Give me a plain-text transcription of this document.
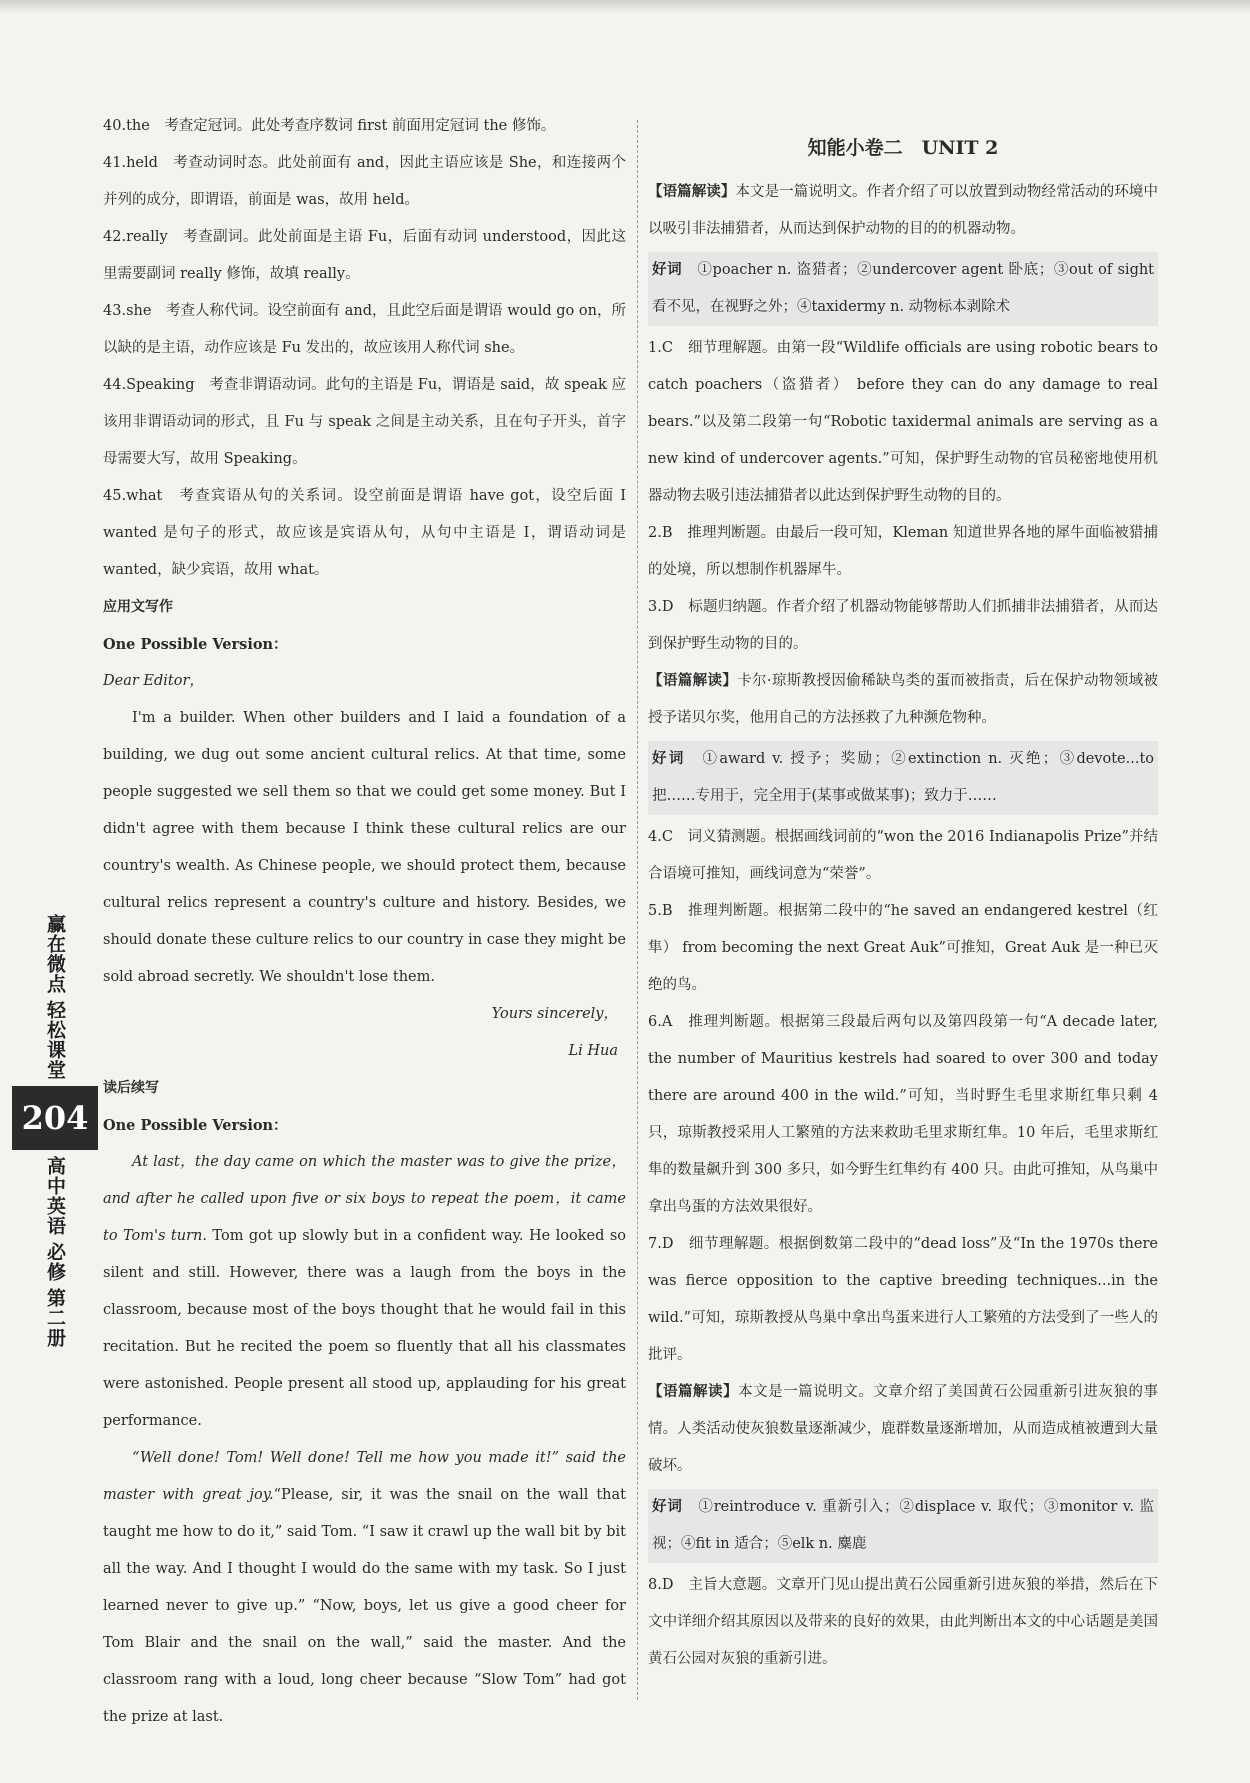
赢在微点
轻松课堂
204
高中英语
必修
第二册

40.the　 考查定冠词。此处考查序数词 first 前面用定冠词 the 修饰。

41.held　 考查动词时态。此处前面有 and，因此主语应该是 She，和连接两个并列的成分，即谓语，前面是 was，故用 held。

42.really　 考查副词。此处前面是主语 Fu，后面有动词 understood，因此这里需要副词 really 修饰，故填 really。

43.she　 考查人称代词。设空前面有 and，且此空后面是谓语 would go on，所以缺的是主语，动作应该是 Fu 发出的，故应该用人称代词 she。

44.Speaking　 考查非谓语动词。此句的主语是 Fu，谓语是 said，故 speak 应该用非谓语动词的形式，且 Fu 与 speak 之间是主动关系，且在句子开头，首字母需要大写，故用 Speaking。

45.what　 考查宾语从句的关系词。设空前面是谓语 have got，设空后面 I wanted 是句子的形式，故应该是宾语从句，从句中主语是 I，谓语动词是 wanted，缺少宾语，故用 what。

应用文写作

One Possible Version：

Dear Editor，

I'm a builder. When other builders and I laid a foundation of a building, we dug out some ancient cultural relics. At that time, some people suggested we sell them so that we could get some money. But I didn't agree with them because I think these cultural relics are our country's wealth. As Chinese people, we should protect them, because cultural relics represent a country's culture and history. Besides, we should donate these culture relics to our country in case they might be sold abroad secretly. We shouldn't lose them.

Yours sincerely，

Li Hua

读后续写

One Possible Version：

At last，the day came on which the master was to give the prize，and after he called upon five or six boys to repeat the poem，it came to Tom's turn. Tom got up slowly but in a confident way. He looked so silent and still. However, there was a laugh from the boys in the classroom, because most of the boys thought that he would fail in this recitation. But he recited the poem so fluently that all his classmates were astonished. People present all stood up, applauding for his great performance.

“Well done! Tom! Well done! Tell me how you made it!” said the master with great joy.“Please, sir, it was the snail on the wall that taught me how to do it,” said Tom. “I saw it crawl up the wall bit by bit all the way. And I thought I would do the same with my task. So I just learned never to give up.” “Now, boys, let us give a good cheer for Tom Blair and the snail on the wall,” said the master. And the classroom rang with a loud, long cheer because “Slow Tom” had got the prize at last.

知能小卷二　UNIT 2

【语篇解读】本文是一篇说明文。作者介绍了可以放置到动物经常活动的环境中以吸引非法捕猎者，从而达到保护动物的目的的机器动物。

好词　 ①poacher n. 盗猎者；②undercover agent 卧底；③out of sight 看不见，在视野之外；④taxidermy n. 动物标本剥除术

1.C　 细节理解题。由第一段“Wildlife officials are using robotic bears to catch poachers（盗猎者） before they can do any damage to real bears.”以及第二段第一句“Robotic taxidermal animals are serving as a new kind of undercover agents.”可知，保护野生动物的官员秘密地使用机器动物去吸引违法捕猎者以此达到保护野生动物的目的。

2.B　 推理判断题。由最后一段可知，Kleman 知道世界各地的犀牛面临被猎捕的处境，所以想制作机器犀牛。

3.D　 标题归纳题。作者介绍了机器动物能够帮助人们抓捕非法捕猎者，从而达到保护野生动物的目的。

【语篇解读】卡尔·琼斯教授因偷稀缺鸟类的蛋而被指责，后在保护动物领域被授予诺贝尔奖，他用自己的方法拯救了九种濒危物种。

好词　 ①award v. 授予；奖励；②extinction n. 灭绝；③devote...to 把……专用于，完全用于(某事或做某事)；致力于……

4.C　 词义猜测题。根据画线词前的“won the 2016 Indianapolis Prize”并结合语境可推知，画线词意为“荣誉”。

5.B　 推理判断题。根据第二段中的“he saved an endangered kestrel（红隼） from becoming the next Great Auk”可推知，Great Auk 是一种已灭绝的鸟。

6.A　 推理判断题。根据第三段最后两句以及第四段第一句“A decade later, the number of Mauritius kestrels had soared to over 300 and today there are around 400 in the wild.”可知，当时野生毛里求斯红隼只剩 4 只，琼斯教授采用人工繁殖的方法来救助毛里求斯红隼。10 年后，毛里求斯红隼的数量飙升到 300 多只，如今野生红隼约有 400 只。由此可推知，从鸟巢中拿出鸟蛋的方法效果很好。

7.D　 细节理解题。根据倒数第二段中的“dead loss”及“In the 1970s there was fierce opposition to the captive breeding techniques...in the wild.”可知，琼斯教授从鸟巢中拿出鸟蛋来进行人工繁殖的方法受到了一些人的批评。

【语篇解读】本文是一篇说明文。文章介绍了美国黄石公园重新引进灰狼的事情。人类活动使灰狼数量逐渐减少，鹿群数量逐渐增加，从而造成植被遭到大量破坏。

好词　 ①reintroduce v. 重新引入；②displace v. 取代；③monitor v. 监视；④fit in 适合；⑤elk n. 麋鹿

8.D　 主旨大意题。文章开门见山提出黄石公园重新引进灰狼的举措，然后在下文中详细介绍其原因以及带来的良好的效果，由此判断出本文的中心话题是美国黄石公园对灰狼的重新引进。
